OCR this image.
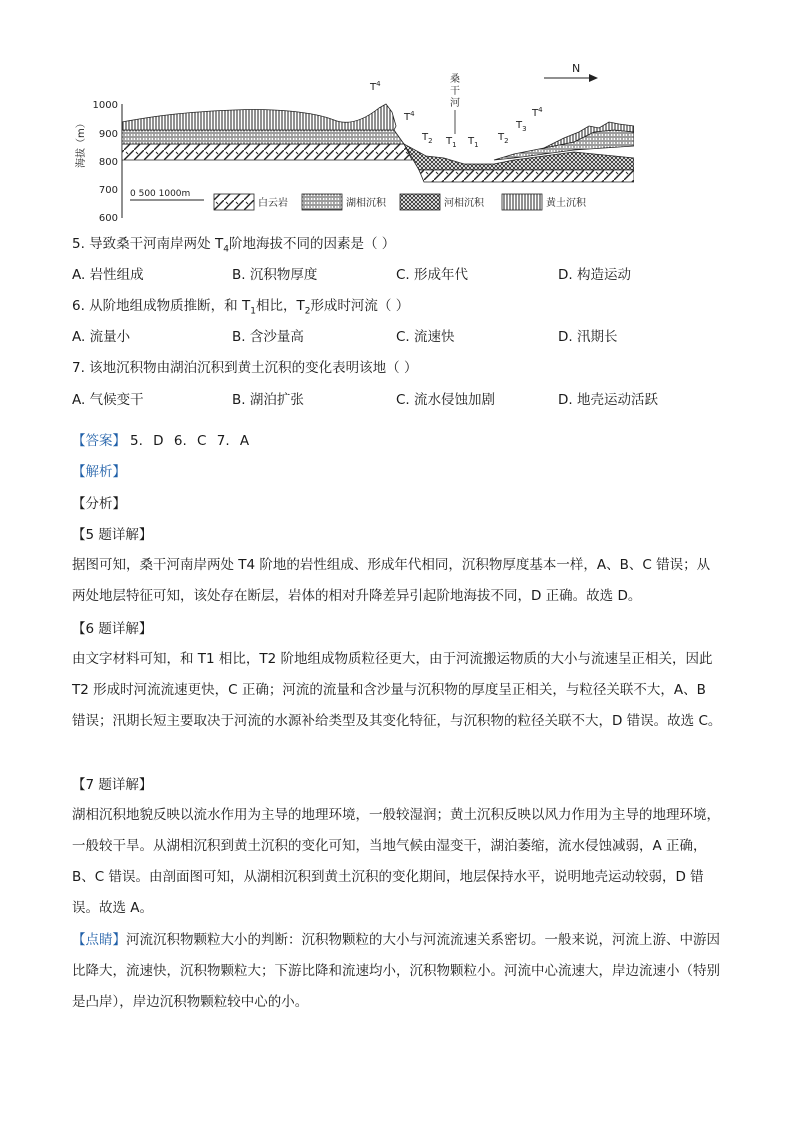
1000
900
800
700
600
海拔（m）
$T^4$
$T^4$
$T_2$ $T_1$ $T_1$
$T_2$
$T_3$
$T^4$
桑
干
河
N
0 500 1000m
白云岩	湖相沉积	河相沉积	黄土沉积
5. 导致桑干河南岸两处 $T_4$阶地海拔不同的因素是（ ）
A. 岩性组成	B. 沉积物厚度	C. 形成年代	D. 构造运动
6. 从阶地组成物质推断，和 $T_1$相比，$T_2$形成时河流（ ）
A. 流量小	B. 含沙量高	C. 流速快	D. 汛期长
7. 该地沉积物由湖泊沉积到黄土沉积的变化表明该地（ ）
A. 气候变干	B. 湖泊扩张	C. 流水侵蚀加剧	D. 地壳运动活跃
【答案】 5. D 6. C 7. A
【解析】
【分析】
【5 题详解】
据图可知，桑干河南岸两处 T4 阶地的岩性组成、形成年代相同，沉积物厚度基本一样，A、B、C 错误；从两处地层特征可知，该处存在断层，岩体的相对升降差异引起阶地海拔不同，D 正确。故选 D。
【6 题详解】
由文字材料可知，和 T1 相比，T2 阶地组成物质粒径更大，由于河流搬运物质的大小与流速呈正相关，因此 T2 形成时河流流速更快，C 正确；河流的流量和含沙量与沉积物的厚度呈正相关，与粒径关联不大，A、B 错误；汛期长短主要取决于河流的水源补给类型及其变化特征，与沉积物的粒径关联不大，D 错误。故选 C。
【7 题详解】
湖相沉积地貌反映以流水作用为主导的地理环境，一般较湿润；黄土沉积反映以风力作用为主导的地理环境，一般较干旱。从湖相沉积到黄土沉积的变化可知，当地气候由湿变干，湖泊萎缩，流水侵蚀减弱，A 正确，B、C 错误。由剖面图可知，从湖相沉积到黄土沉积的变化期间，地层保持水平，说明地壳运动较弱，D 错误。故选 A。
【点睛】河流沉积物颗粒大小的判断：沉积物颗粒的大小与河流流速关系密切。一般来说，河流上游、中游因比降大，流速快，沉积物颗粒大；下游比降和流速均小，沉积物颗粒小。河流中心流速大，岸边流速小（特别是凸岸），岸边沉积物颗粒较中心的小。
